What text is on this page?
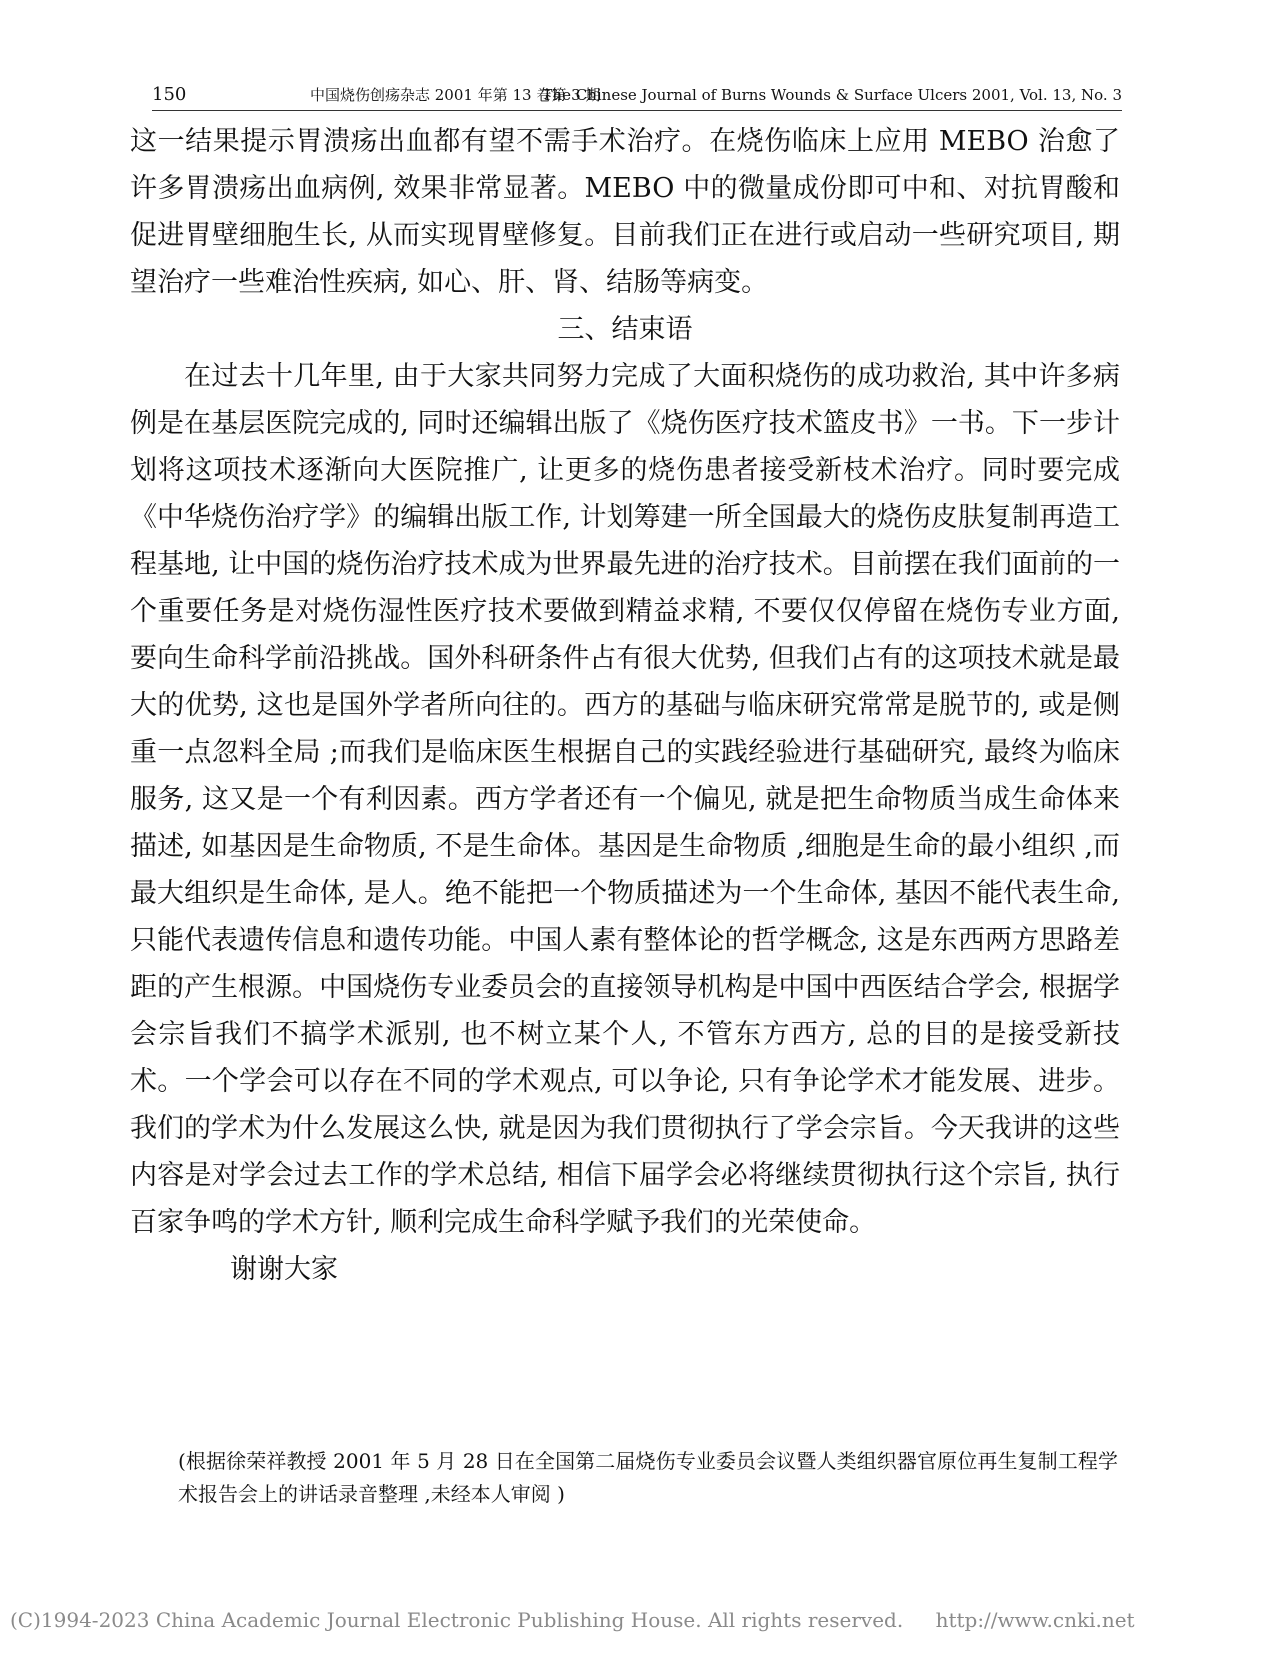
150	中国烧伤创疡杂志 2001 年第 13 卷第 3 期
The Chinese Journal of Burns Wounds & Surface Ulcers 2001, Vol. 13, No. 3

这一结果提示胃溃疡出血都有望不需手术治疗。在烧伤临床上应用 MEBO 治愈了许多胃溃疡出血病例, 效果非常显著。MEBO 中的微量成份即可中和、对抗胃酸和促进胃壁细胞生长, 从而实现胃壁修复。目前我们正在进行或启动一些研究项目, 期望治疗一些难治性疾病, 如心、肝、肾、结肠等病变。

三、结束语

在过去十几年里, 由于大家共同努力完成了大面积烧伤的成功救治, 其中许多病例是在基层医院完成的, 同时还编辑出版了《烧伤医疗技术篮皮书》一书。下一步计划将这项技术逐渐向大医院推广, 让更多的烧伤患者接受新枝术治疗。同时要完成《中华烧伤治疗学》的编辑出版工作, 计划筹建一所全国最大的烧伤皮肤复制再造工程基地, 让中国的烧伤治疗技术成为世界最先进的治疗技术。目前摆在我们面前的一个重要任务是对烧伤湿性医疗技术要做到精益求精, 不要仅仅停留在烧伤专业方面, 要向生命科学前沿挑战。国外科研条件占有很大优势, 但我们占有的这项技术就是最大的优势, 这也是国外学者所向往的。西方的基础与临床研究常常是脱节的, 或是侧重一点忽料全局 ;而我们是临床医生根据自己的实践经验进行基础研究, 最终为临床服务, 这又是一个有利因素。西方学者还有一个偏见, 就是把生命物质当成生命体来描述, 如基因是生命物质, 不是生命体。基因是生命物质 ,细胞是生命的最小组织 ,而最大组织是生命体, 是人。绝不能把一个物质描述为一个生命体, 基因不能代表生命, 只能代表遗传信息和遗传功能。中国人素有整体论的哲学概念, 这是东西两方思路差距的产生根源。中国烧伤专业委员会的直接领导机构是中国中西医结合学会, 根据学会宗旨我们不搞学术派别, 也不树立某个人, 不管东方西方, 总的目的是接受新技术。一个学会可以存在不同的学术观点, 可以争论, 只有争论学术才能发展、进步。我们的学术为什么发展这么快, 就是因为我们贯彻执行了学会宗旨。今天我讲的这些内容是对学会过去工作的学术总结, 相信下届学会必将继续贯彻执行这个宗旨, 执行百家争鸣的学术方针, 顺利完成生命科学赋予我们的光荣使命。

谢谢大家

(根据徐荣祥教授 2001 年 5 月 28 日在全国第二届烧伤专业委员会议暨人类组织器官原位再生复制工程学术报告会上的讲话录音整理 ,未经本人审阅 )
(C)1994-2023 China Academic Journal Electronic Publishing House. All rights reserved. http://www.cnki.net
